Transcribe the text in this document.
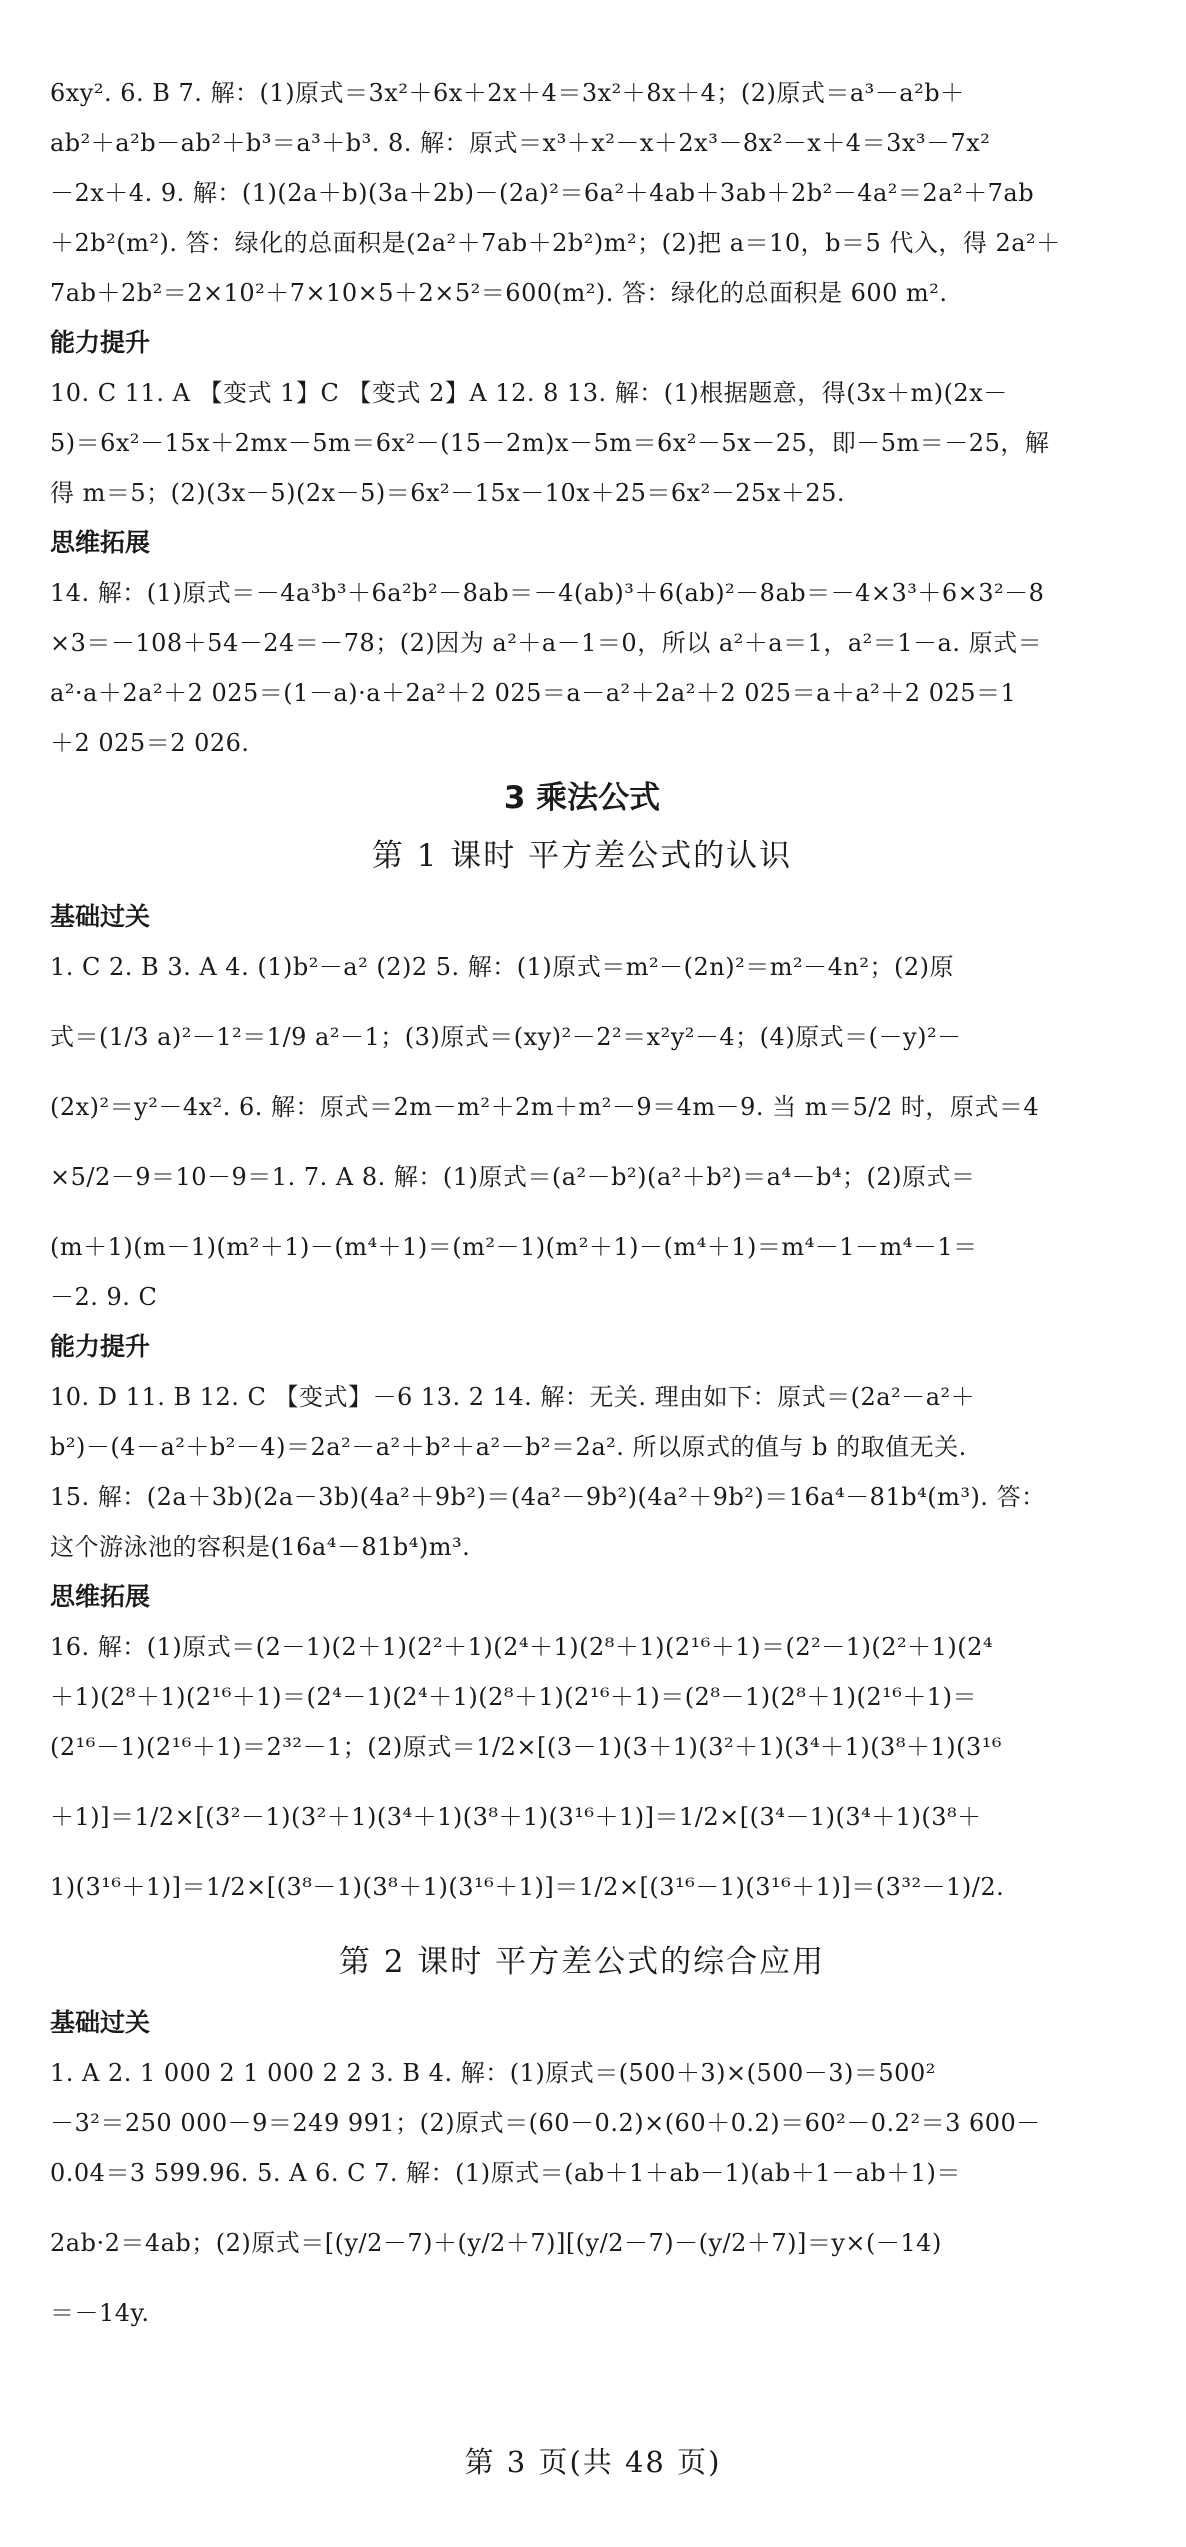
6xy². 6. B 7. 解：(1)原式＝3x²＋6x＋2x＋4＝3x²＋8x＋4；(2)原式＝a³－a²b＋
ab²＋a²b－ab²＋b³＝a³＋b³. 8. 解：原式＝x³＋x²－x＋2x³－8x²－x＋4＝3x³－7x²
－2x＋4. 9. 解：(1)(2a＋b)(3a＋2b)－(2a)²＝6a²＋4ab＋3ab＋2b²－4a²＝2a²＋7ab
＋2b²(m²). 答：绿化的总面积是(2a²＋7ab＋2b²)m²；(2)把 a＝10，b＝5 代入，得 2a²＋
7ab＋2b²＝2×10²＋7×10×5＋2×5²＝600(m²). 答：绿化的总面积是 600 m².
能力提升
10. C 11. A 【变式 1】C 【变式 2】A 12. 8 13. 解：(1)根据题意，得(3x＋m)(2x－
5)＝6x²－15x＋2mx－5m＝6x²－(15－2m)x－5m＝6x²－5x－25，即－5m＝－25，解
得 m＝5；(2)(3x－5)(2x－5)＝6x²－15x－10x＋25＝6x²－25x＋25.
思维拓展
14. 解：(1)原式＝－4a³b³＋6a²b²－8ab＝－4(ab)³＋6(ab)²－8ab＝－4×3³＋6×3²－8
×3＝－108＋54－24＝－78；(2)因为 a²＋a－1＝0，所以 a²＋a＝1，a²＝1－a. 原式＝
a²·a＋2a²＋2 025＝(1－a)·a＋2a²＋2 025＝a－a²＋2a²＋2 025＝a＋a²＋2 025＝1
＋2 025＝2 026.
3 乘法公式
第 1 课时 平方差公式的认识
基础过关
1. C 2. B 3. A 4. (1)b²－a² (2)2 5. 解：(1)原式＝m²－(2n)²＝m²－4n²；(2)原
式＝(1/3 a)²－1²＝1/9 a²－1；(3)原式＝(xy)²－2²＝x²y²－4；(4)原式＝(－y)²－
(2x)²＝y²－4x². 6. 解：原式＝2m－m²＋2m＋m²－9＝4m－9. 当 m＝5/2 时，原式＝4
×5/2－9＝10－9＝1. 7. A 8. 解：(1)原式＝(a²－b²)(a²＋b²)＝a⁴－b⁴；(2)原式＝
(m＋1)(m－1)(m²＋1)－(m⁴＋1)＝(m²－1)(m²＋1)－(m⁴＋1)＝m⁴－1－m⁴－1＝
－2. 9. C
能力提升
10. D 11. B 12. C 【变式】－6 13. 2 14. 解：无关. 理由如下：原式＝(2a²－a²＋
b²)－(4－a²＋b²－4)＝2a²－a²＋b²＋a²－b²＝2a². 所以原式的值与 b 的取值无关.
15. 解：(2a＋3b)(2a－3b)(4a²＋9b²)＝(4a²－9b²)(4a²＋9b²)＝16a⁴－81b⁴(m³). 答：
这个游泳池的容积是(16a⁴－81b⁴)m³.
思维拓展
16. 解：(1)原式＝(2－1)(2＋1)(2²＋1)(2⁴＋1)(2⁸＋1)(2¹⁶＋1)＝(2²－1)(2²＋1)(2⁴
＋1)(2⁸＋1)(2¹⁶＋1)＝(2⁴－1)(2⁴＋1)(2⁸＋1)(2¹⁶＋1)＝(2⁸－1)(2⁸＋1)(2¹⁶＋1)＝
(2¹⁶－1)(2¹⁶＋1)＝2³²－1；(2)原式＝1/2×[(3－1)(3＋1)(3²＋1)(3⁴＋1)(3⁸＋1)(3¹⁶
＋1)]＝1/2×[(3²－1)(3²＋1)(3⁴＋1)(3⁸＋1)(3¹⁶＋1)]＝1/2×[(3⁴－1)(3⁴＋1)(3⁸＋
1)(3¹⁶＋1)]＝1/2×[(3⁸－1)(3⁸＋1)(3¹⁶＋1)]＝1/2×[(3¹⁶－1)(3¹⁶＋1)]＝(3³²－1)/2.
第 2 课时 平方差公式的综合应用
基础过关
1. A 2. 1 000 2 1 000 2 2 3. B 4. 解：(1)原式＝(500＋3)×(500－3)＝500²
－3²＝250 000－9＝249 991；(2)原式＝(60－0.2)×(60＋0.2)＝60²－0.2²＝3 600－
0.04＝3 599.96. 5. A 6. C 7. 解：(1)原式＝(ab＋1＋ab－1)(ab＋1－ab＋1)＝
2ab·2＝4ab；(2)原式＝[(y/2－7)＋(y/2＋7)][(y/2－7)－(y/2＋7)]＝y×(－14)
＝－14y.
第 3 页(共 48 页)
